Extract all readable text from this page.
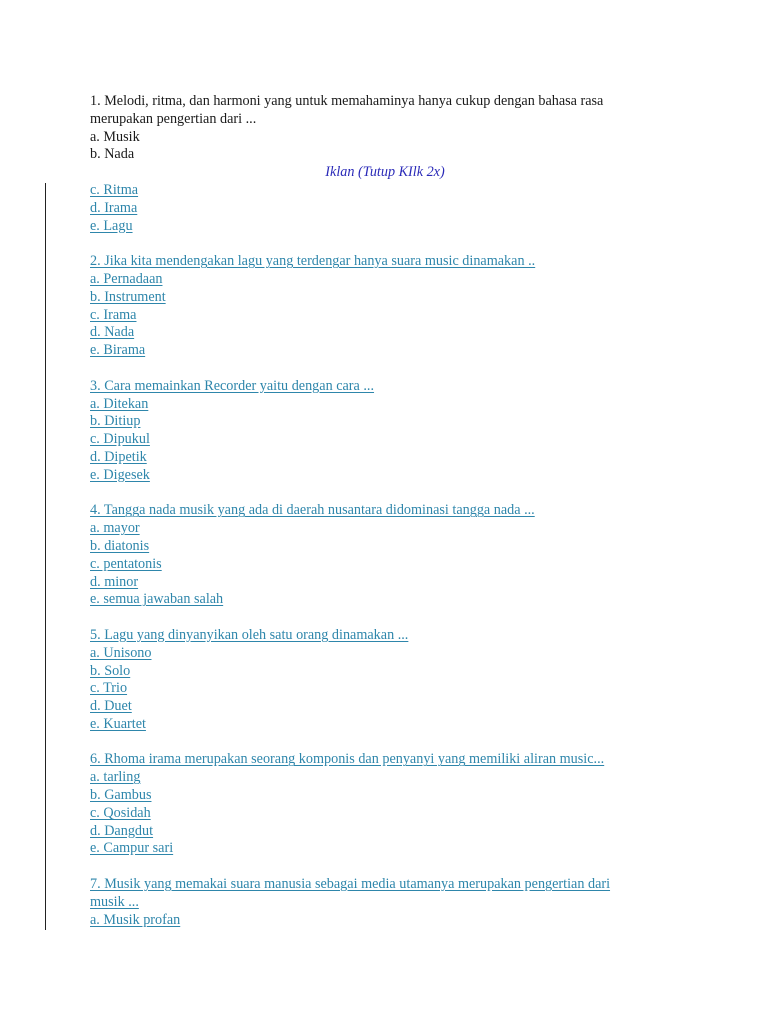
1. Melodi, ritma, dan harmoni yang untuk memahaminya hanya cukup dengan bahasa rasa
merupakan pengertian dari ...
a. Musik
b. Nada
Iklan (Tutup KIlk 2x)
c. Ritma
d. Irama
e. Lagu
2. Jika kita mendengakan lagu yang terdengar hanya suara music dinamakan ..
a. Pernadaan
b. Instrument
c. Irama
d. Nada
e. Birama
3. Cara memainkan Recorder yaitu dengan cara ...
a. Ditekan
b. Ditiup
c. Dipukul
d. Dipetik
e. Digesek
4. Tangga nada musik yang ada di daerah nusantara didominasi tangga nada ...
a. mayor
b. diatonis
c. pentatonis
d. minor
e. semua jawaban salah
5. Lagu yang dinyanyikan oleh satu orang dinamakan ...
a. Unisono
b. Solo
c. Trio
d. Duet
e. Kuartet
6. Rhoma irama merupakan seorang komponis dan penyanyi yang memiliki aliran music...
a. tarling
b. Gambus
c. Qosidah
d. Dangdut
e. Campur sari
7. Musik yang memakai suara manusia sebagai media utamanya merupakan pengertian dari
musik ...
a. Musik profan
